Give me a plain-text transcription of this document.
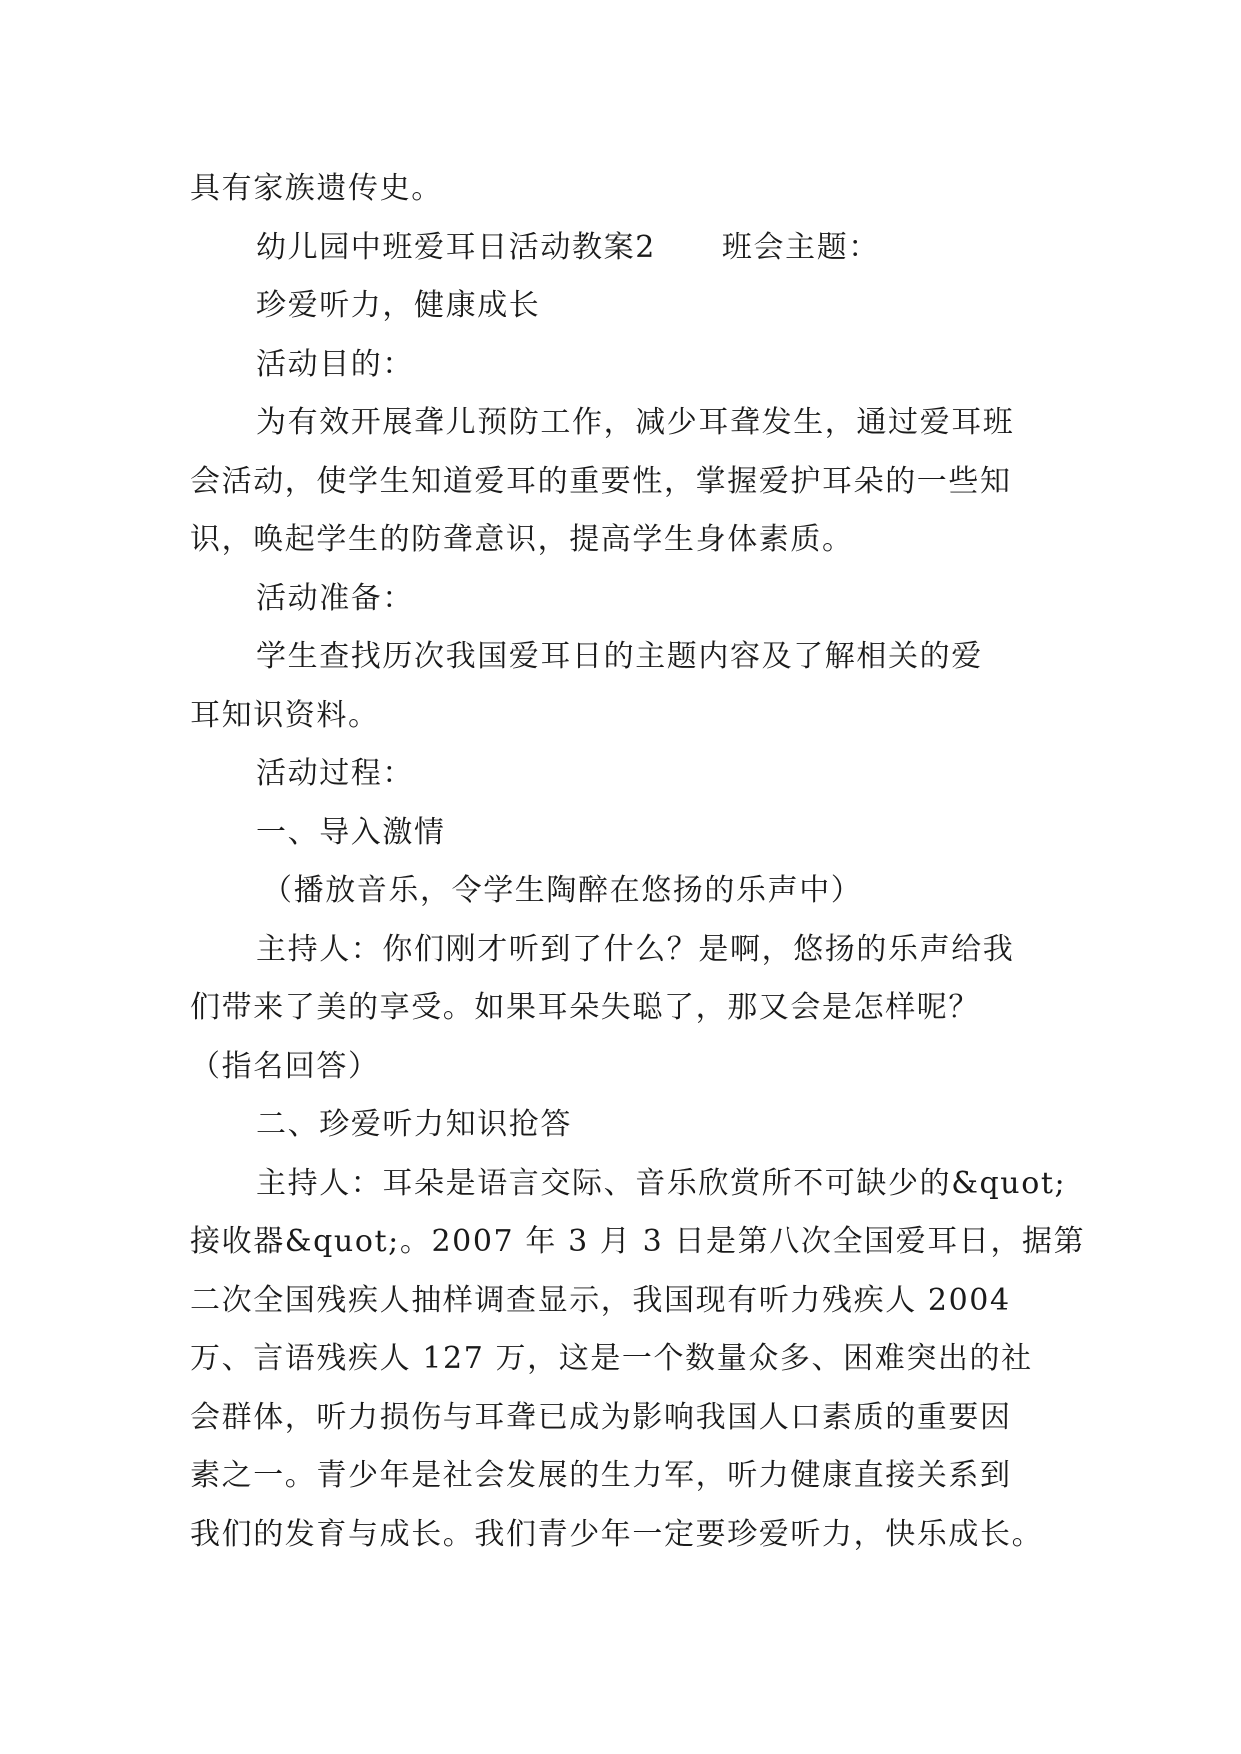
具有家族遗传史。
幼儿园中班爱耳日活动教案2 班会主题：
珍爱听力，健康成长
活动目的：
为有效开展聋儿预防工作，减少耳聋发生，通过爱耳班
会活动，使学生知道爱耳的重要性，掌握爱护耳朵的一些知
识，唤起学生的防聋意识，提高学生身体素质。
活动准备：
学生查找历次我国爱耳日的主题内容及了解相关的爱
耳知识资料。
活动过程：
一、导入激情
（播放音乐，令学生陶醉在悠扬的乐声中）
主持人：你们刚才听到了什么？是啊，悠扬的乐声给我
们带来了美的享受。如果耳朵失聪了，那又会是怎样呢？
（指名回答）
二、珍爱听力知识抢答
主持人：耳朵是语言交际、音乐欣赏所不可缺少的&quot;
接收器&quot;。2007 年 3 月 3 日是第八次全国爱耳日，据第
二次全国残疾人抽样调查显示，我国现有听力残疾人 2004
万、言语残疾人 127 万，这是一个数量众多、困难突出的社
会群体，听力损伤与耳聋已成为影响我国人口素质的重要因
素之一。青少年是社会发展的生力军，听力健康直接关系到
我们的发育与成长。我们青少年一定要珍爱听力，快乐成长。
